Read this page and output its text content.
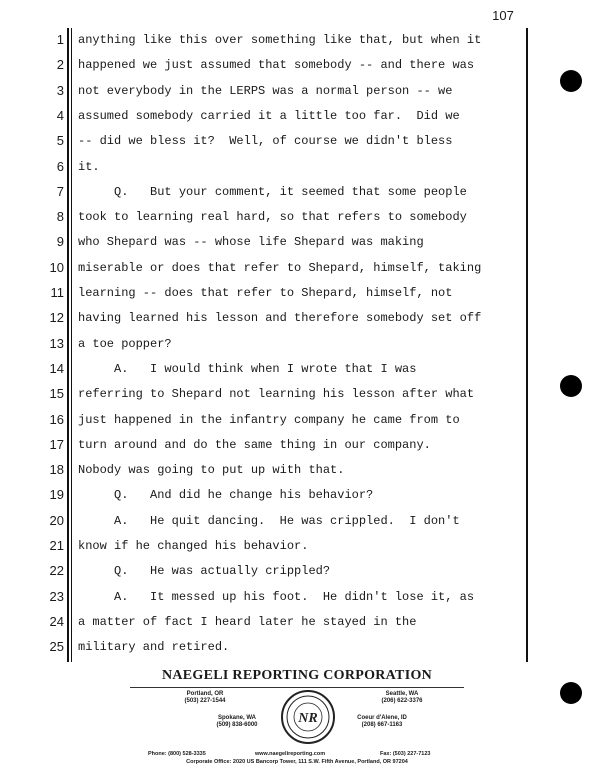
107
1 anything like this over something like that, but when it
2 happened we just assumed that somebody -- and there was
3 not everybody in the LERPS was a normal person -- we
4 assumed somebody carried it a little too far.  Did we
5 -- did we bless it?  Well, of course we didn't bless
6 it.
7 Q.   But your comment, it seemed that some people
8 took to learning real hard, so that refers to somebody
9 who Shepard was -- whose life Shepard was making
10 miserable or does that refer to Shepard, himself, taking
11 learning -- does that refer to Shepard, himself, not
12 having learned his lesson and therefore somebody set off
13 a toe popper?
14 A.   I would think when I wrote that I was
15 referring to Shepard not learning his lesson after what
16 just happened in the infantry company he came from to
17 turn around and do the same thing in our company.
18 Nobody was going to put up with that.
19 Q.   And did he change his behavior?
20 A.   He quit dancing.  He was crippled.  I don't
21 know if he changed his behavior.
22 Q.   He was actually crippled?
23 A.   It messed up his foot.  He didn't lose it, as
24 a matter of fact I heard later he stayed in the
25 military and retired.
NAEGELI REPORTING CORPORATION
Portland, OR
(503) 227-1544
Seattle, WA
(206) 622-3376
Spokane, WA
(509) 838-6000
Coeur d'Alene, ID
(208) 667-1163
NR
Phone: (800) 528-3335	www.naegelireporting.com	Fax: (503) 227-7123
Corporate Office: 2020 US Bancorp Tower, 111 S.W. Fifth Avenue, Portland, OR 97204
